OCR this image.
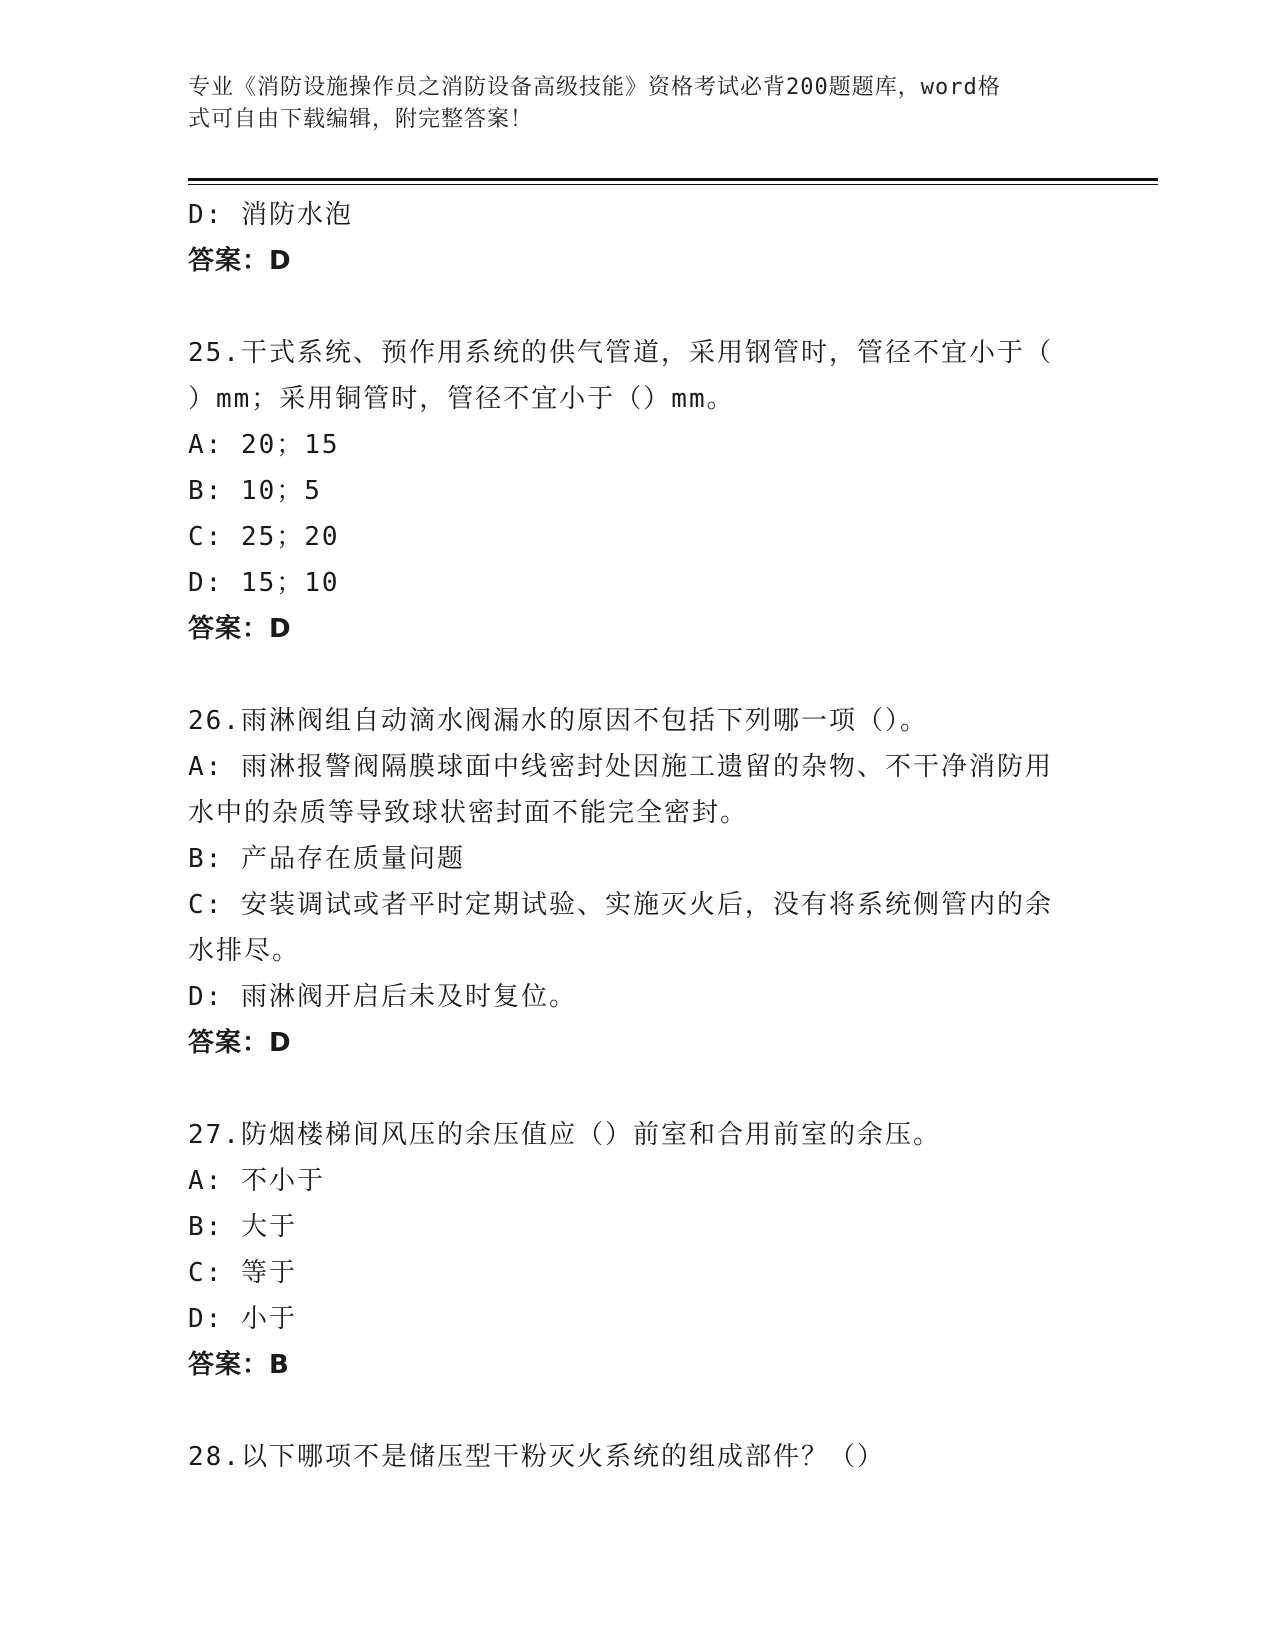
专业《消防设施操作员之消防设备高级技能》资格考试必背200题题库，word格
式可自由下载编辑，附完整答案！
D: 消防水泡
答案：D
25.干式系统、预作用系统的供气管道，采用钢管时，管径不宜小于（
）mm；采用铜管时，管径不宜小于（）mm。
A: 20；15
B: 10；5
C: 25；20
D: 15；10
答案：D
26.雨淋阀组自动滴水阀漏水的原因不包括下列哪一项（）。
A: 雨淋报警阀隔膜球面中线密封处因施工遗留的杂物、不干净消防用
水中的杂质等导致球状密封面不能完全密封。
B: 产品存在质量问题
C: 安装调试或者平时定期试验、实施灭火后，没有将系统侧管内的余
水排尽。
D: 雨淋阀开启后未及时复位。
答案：D
27.防烟楼梯间风压的余压值应（）前室和合用前室的余压。
A: 不小于
B: 大于
C: 等于
D: 小于
答案：B
28.以下哪项不是储压型干粉灭火系统的组成部件？（）
